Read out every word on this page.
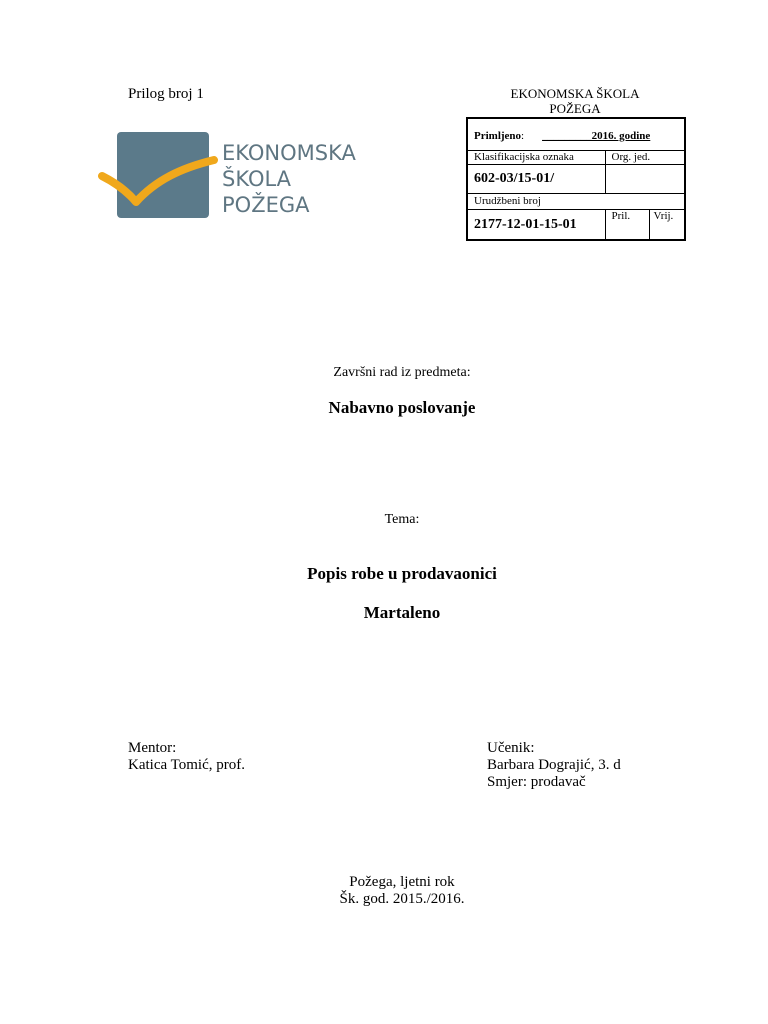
Prilog broj 1
EKONOMSKA
ŠKOLA
POŽEGA
EKONOMSKA ŠKOLA
POŽEGA
Primljeno: _________2016. godine		
Klasifikacijska oznaka	Org. jed.	
602-03/15-01/		
Urudžbeni broj		
2177-12-01-15-01	Pril.	Vrij.
Završni rad iz predmeta:
Nabavno poslovanje
Tema:
Popis robe u prodavaonici
Martaleno
Mentor:
Katica Tomić, prof.
Učenik:
Barbara Dograjić, 3. d
Smjer: prodavač
Požega, ljetni rok
Šk. god. 2015./2016.
